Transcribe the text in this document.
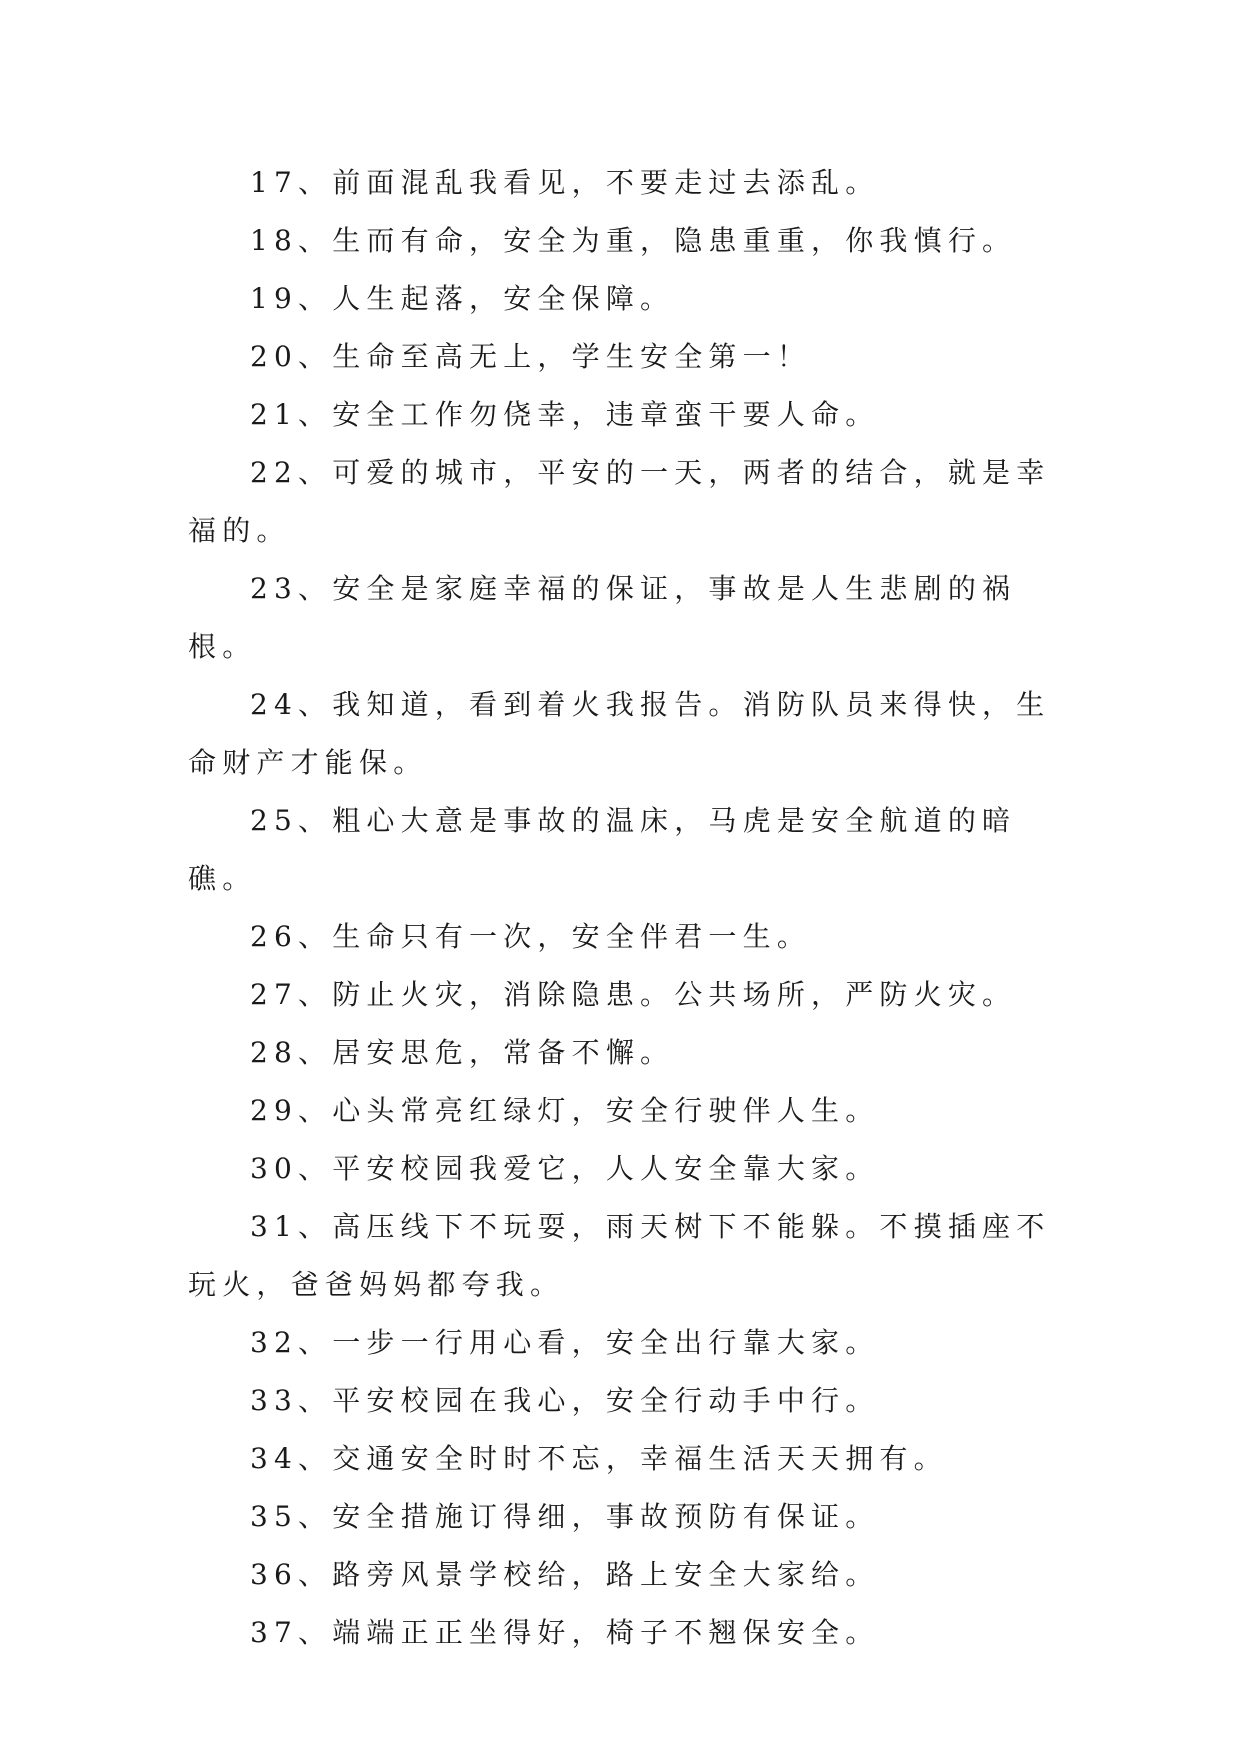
17、前面混乱我看见，不要走过去添乱。

18、生而有命，安全为重，隐患重重，你我慎行。

19、人生起落，安全保障。

20、生命至高无上，学生安全第一！

21、安全工作勿侥幸，违章蛮干要人命。

22、可爱的城市，平安的一天，两者的结合，就是幸福的。

23、安全是家庭幸福的保证，事故是人生悲剧的祸根。

24、我知道，看到着火我报告。消防队员来得快，生命财产才能保。

25、粗心大意是事故的温床，马虎是安全航道的暗礁。

26、生命只有一次，安全伴君一生。

27、防止火灾，消除隐患。公共场所，严防火灾。

28、居安思危，常备不懈。

29、心头常亮红绿灯，安全行驶伴人生。

30、平安校园我爱它，人人安全靠大家。

31、高压线下不玩耍，雨天树下不能躲。不摸插座不玩火，爸爸妈妈都夸我。

32、一步一行用心看，安全出行靠大家。

33、平安校园在我心，安全行动手中行。

34、交通安全时时不忘，幸福生活天天拥有。

35、安全措施订得细，事故预防有保证。

36、路旁风景学校给，路上安全大家给。

37、端端正正坐得好，椅子不翘保安全。
